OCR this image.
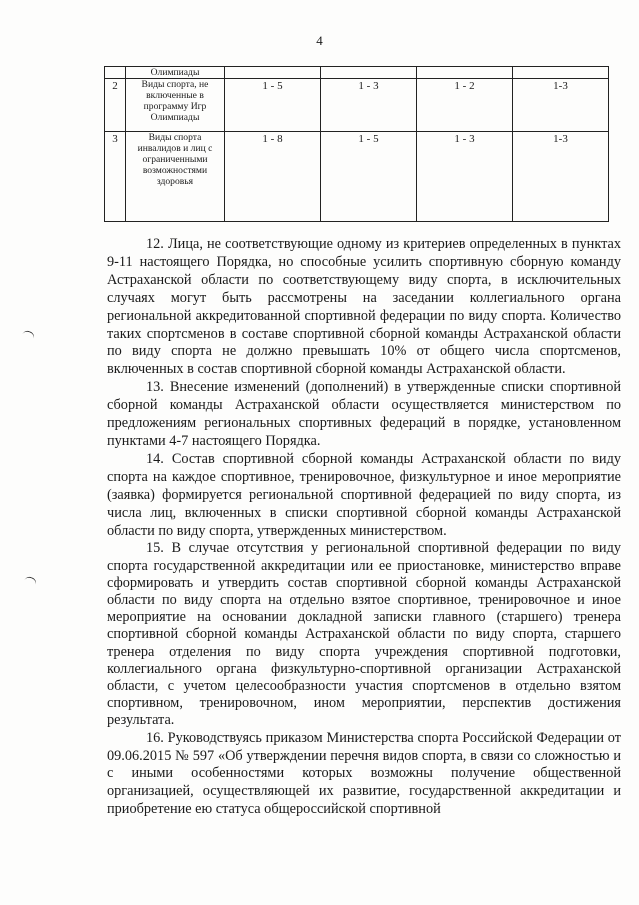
4
	Олимпиады				
2	Виды спорта, не включенные в программу Игр Олимпиады	1 - 5	1 - 3	1 - 2	1-3
3	Виды спорта инвалидов и лиц с ограниченными возможностями здоровья	1 - 8	1 - 5	1 - 3	1-3

12. Лица, не соответствующие одному из критериев определенных в пунктах 9-11 настоящего Порядка, но способные усилить спортивную сборную команду Астраханской области по соответствующему виду спорта, в исключительных случаях могут быть рассмотрены на заседании коллегиального органа региональной аккредитованной спортивной федерации по виду спорта. Количество таких спортсменов в составе спортивной сборной команды Астраханской области по виду спорта не должно превышать 10% от общего числа спортсменов, включенных в состав спортивной сборной команды Астраханской области.

13. Внесение изменений (дополнений) в утвержденные списки спортивной сборной команды Астраханской области осуществляется министерством по предложениям региональных спортивных федераций в порядке, установленном пунктами 4-7 настоящего Порядка.

14. Состав спортивной сборной команды Астраханской области по виду спорта на каждое спортивное, тренировочное, физкультурное и иное мероприятие (заявка) формируется региональной спортивной федерацией по виду спорта, из числа лиц, включенных в списки спортивной сборной команды Астраханской области по виду спорта, утвержденных министерством.

15. В случае отсутствия у региональной спортивной федерации по виду спорта государственной аккредитации или ее приостановке, министерство вправе сформировать и утвердить состав спортивной сборной команды Астраханской области по виду спорта на отдельно взятое спортивное, тренировочное и иное мероприятие на основании докладной записки главного (старшего) тренера спортивной сборной команды Астраханской области по виду спорта, старшего тренера отделения по виду спорта учреждения спортивной подготовки, коллегиального органа физкультурно-спортивной организации Астраханской области, с учетом целесообразности участия спортсменов в отдельно взятом спортивном, тренировочном, ином мероприятии, перспектив достижения результата.

16. Руководствуясь приказом Министерства спорта Российской Федерации от 09.06.2015 № 597 «Об утверждении перечня видов спорта, в связи со сложностью и с иными особенностями которых возможны получение общественной организацией, осуществляющей их развитие, государственной аккредитации и приобретение ею статуса общероссийской спортивной
